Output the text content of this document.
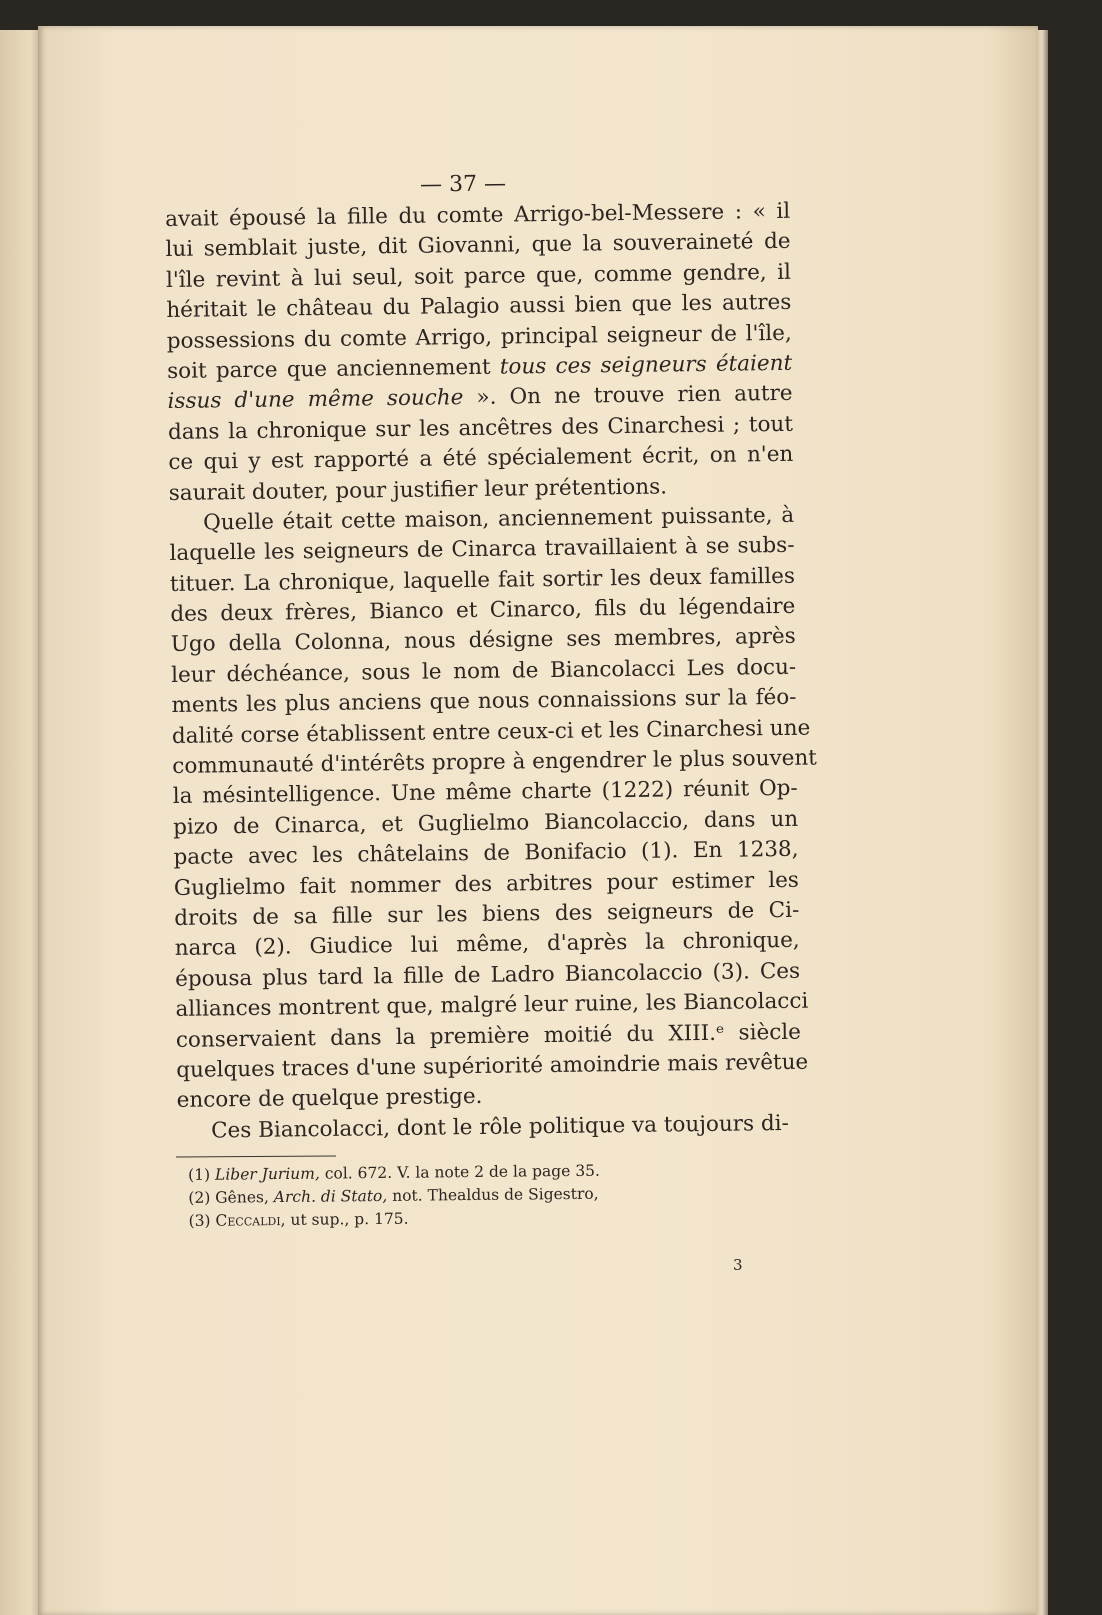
— 37 —
avait épousé la fille du comte Arrigo-bel-Messere : « il
lui semblait juste, dit Giovanni, que la souveraineté de
l'île revint à lui seul, soit parce que, comme gendre, il
héritait le château du Palagio aussi bien que les autres
possessions du comte Arrigo, principal seigneur de l'île,
soit parce que anciennement tous ces seigneurs étaient
issus d'une même souche ». On ne trouve rien autre
dans la chronique sur les ancêtres des Cinarchesi ; tout
ce qui y est rapporté a été spécialement écrit, on n'en
saurait douter, pour justifier leur prétentions.
Quelle était cette maison, anciennement puissante, à
laquelle les seigneurs de Cinarca travaillaient à se subs-
tituer. La chronique, laquelle fait sortir les deux familles
des deux frères, Bianco et Cinarco, fils du légendaire
Ugo della Colonna, nous désigne ses membres, après
leur déchéance, sous le nom de Biancolacci Les docu-
ments les plus anciens que nous connaissions sur la féo-
dalité corse établissent entre ceux-ci et les Cinarchesi une
communauté d'intérêts propre à engendrer le plus souvent
la mésintelligence. Une même charte (1222) réunit Op-
pizo de Cinarca, et Guglielmo Biancolaccio, dans un
pacte avec les châtelains de Bonifacio (1). En 1238,
Guglielmo fait nommer des arbitres pour estimer les
droits de sa fille sur les biens des seigneurs de Ci-
narca (2). Giudice lui même, d'après la chronique,
épousa plus tard la fille de Ladro Biancolaccio (3). Ces
alliances montrent que, malgré leur ruine, les Biancolacci
conservaient dans la première moitié du XIII.ᵉ siècle
quelques traces d'une supériorité amoindrie mais revêtue
encore de quelque prestige.
Ces Biancolacci, dont le rôle politique va toujours di-
(1) Liber Jurium, col. 672. V. la note 2 de la page 35.
(2) Gênes, Arch. di Stato, not. Thealdus de Sigestro,
(3) Ceccaldi, ut sup., p. 175.
3
